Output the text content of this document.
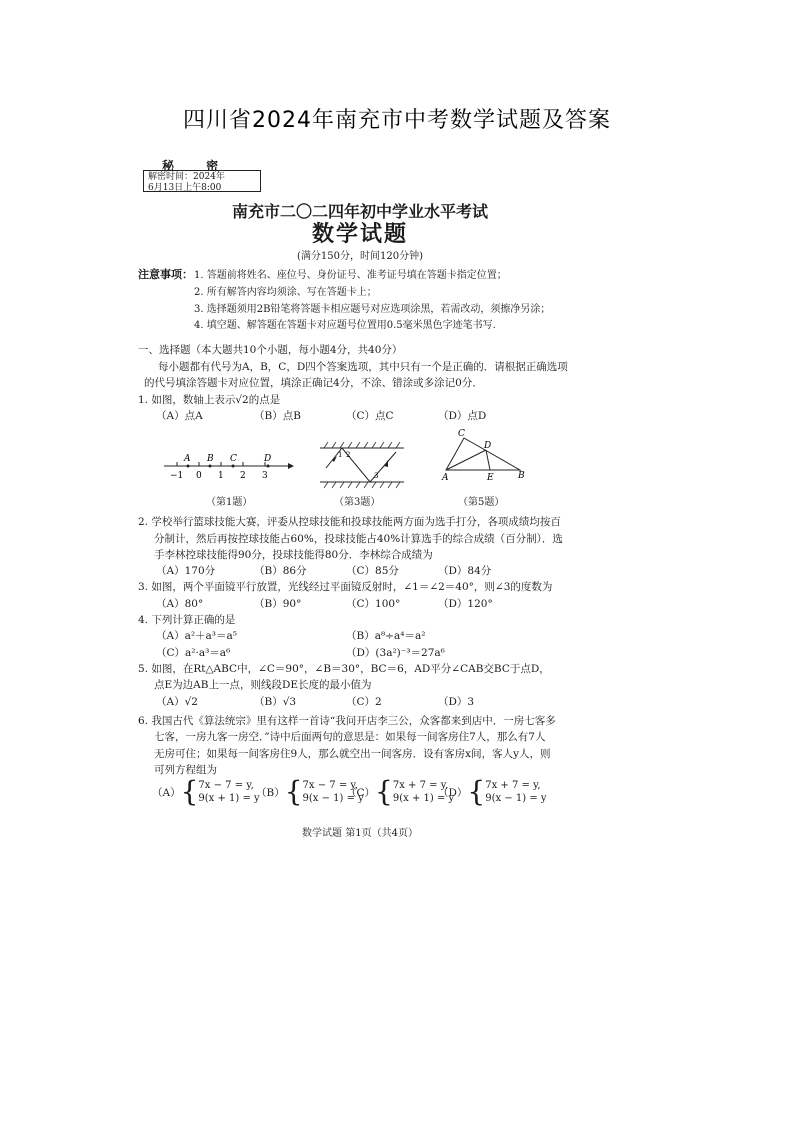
四川省2024年南充市中考数学试题及答案
秘 密
解密时间：2024年
6月13日上午8:00
南充市二〇二四年初中学业水平考试
数学试题
(满分150分，时间120分钟)
注意事项： 1. 答题前将姓名、座位号、身份证号、准考证号填在答题卡指定位置；
2. 所有解答内容均须涂、写在答题卡上；
3. 选择题须用2B铅笔将答题卡相应题号对应选项涂黑，若需改动，须擦净另涂；
4. 填空题、解答题在答题卡对应题号位置用0.5毫米黑色字迹笔书写.
一、选择题（本大题共10个小题，每小题4分，共40分）
每小题都有代号为A，B，C，D四个答案选项，其中只有一个是正确的．请根据正确选项
的代号填涂答题卡对应位置，填涂正确记4分，不涂、错涂或多涂记0分．
1. 如图，数轴上表示√2的点是
（A）点A	（B）点B	（C）点C	（D）点D
A B C	D
−1 0 1 2 3
1 2
3
C
D
A	E	B
（第1题）	（第3题）	（第5题）
2. 学校举行篮球技能大赛，评委从控球技能和投球技能两方面为选手打分，各项成绩均按百
分制计，然后再按控球技能占60%，投球技能占40%计算选手的综合成绩（百分制）．选
手李林控球技能得90分，投球技能得80分．李林综合成绩为
（A）170分	（B）86分	（C）85分	（D）84分
3. 如图，两个平面镜平行放置，光线经过平面镜反射时，∠1＝∠2＝40°，则∠3的度数为
（A）80°	（B）90°	（C）100°	（D）120°
4. 下列计算正确的是
（A）a²＋a³＝a⁵	（B）a⁸÷a⁴＝a²
（C）a²·a³＝a⁶	（D）(3a²)⁻³＝27a⁶
5. 如图，在Rt△ABC中，∠C＝90°，∠B＝30°，BC＝6，AD平分∠CAB交BC于点D，
点E为边AB上一点，则线段DE长度的最小值为
（A）√2	（B）√3	（C）2	（D）3
6. 我国古代《算法统宗》里有这样一首诗“我问开店李三公，众客都来到店中．一房七客多
七客，一房九客一房空．”诗中后面两句的意思是：如果每一间客房住7人，那么有7人
无房可住；如果每一间客房住9人，那么就空出一间客房．设有客房x间，客人y人，则
可列方程组为
（A） { 7x − 7 = y,
9(x + 1) = y
（B） { 7x − 7 = y,
9(x − 1) = y
（C） { 7x + 7 = y,
9(x + 1) = y
（D） { 7x + 7 = y,
9(x − 1) = y
数学试题 第1页（共4页）
